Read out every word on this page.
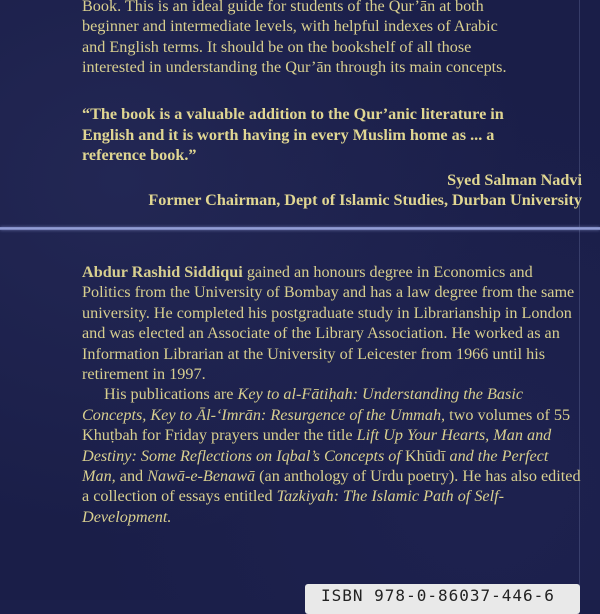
Book. This is an ideal guide for students of the Qur’ān at both

beginner and intermediate levels, with helpful indexes of Arabic

and English terms. It should be on the bookshelf of all those

interested in understanding the Qur’ān through its main concepts.

“The book is a valuable addition to the Qur’anic literature in
English and it is worth having in every Muslim home as ... a
reference book.”
Syed Salman Nadvi
Former Chairman, Dept of Islamic Studies, Durban University

Abdur Rashid Siddiqui gained an honours degree in Economics and Politics from the University of Bombay and has a law degree from the same university. He completed his postgraduate study in Librarianship in London and was elected an Associate of the Library Association. He worked as an Information Librarian at the University of Leicester from 1966 until his retirement in 1997.

His publications are Key to al-Fātiḥah: Understanding the Basic Concepts, Key to Āl-‘Imrān: Resurgence of the Ummah, two volumes of 55 Khuṭbah for Friday prayers under the title Lift Up Your Hearts, Man and Destiny: Some Reflections on Iqbal’s Concepts of Khūdī and the Perfect Man, and Nawā-e-Benawā (an anthology of Urdu poetry). He has also edited a collection of essays entitled Tazkiyah: The Islamic Path of Self-Development.

ISBN 978-0-86037-446-6
